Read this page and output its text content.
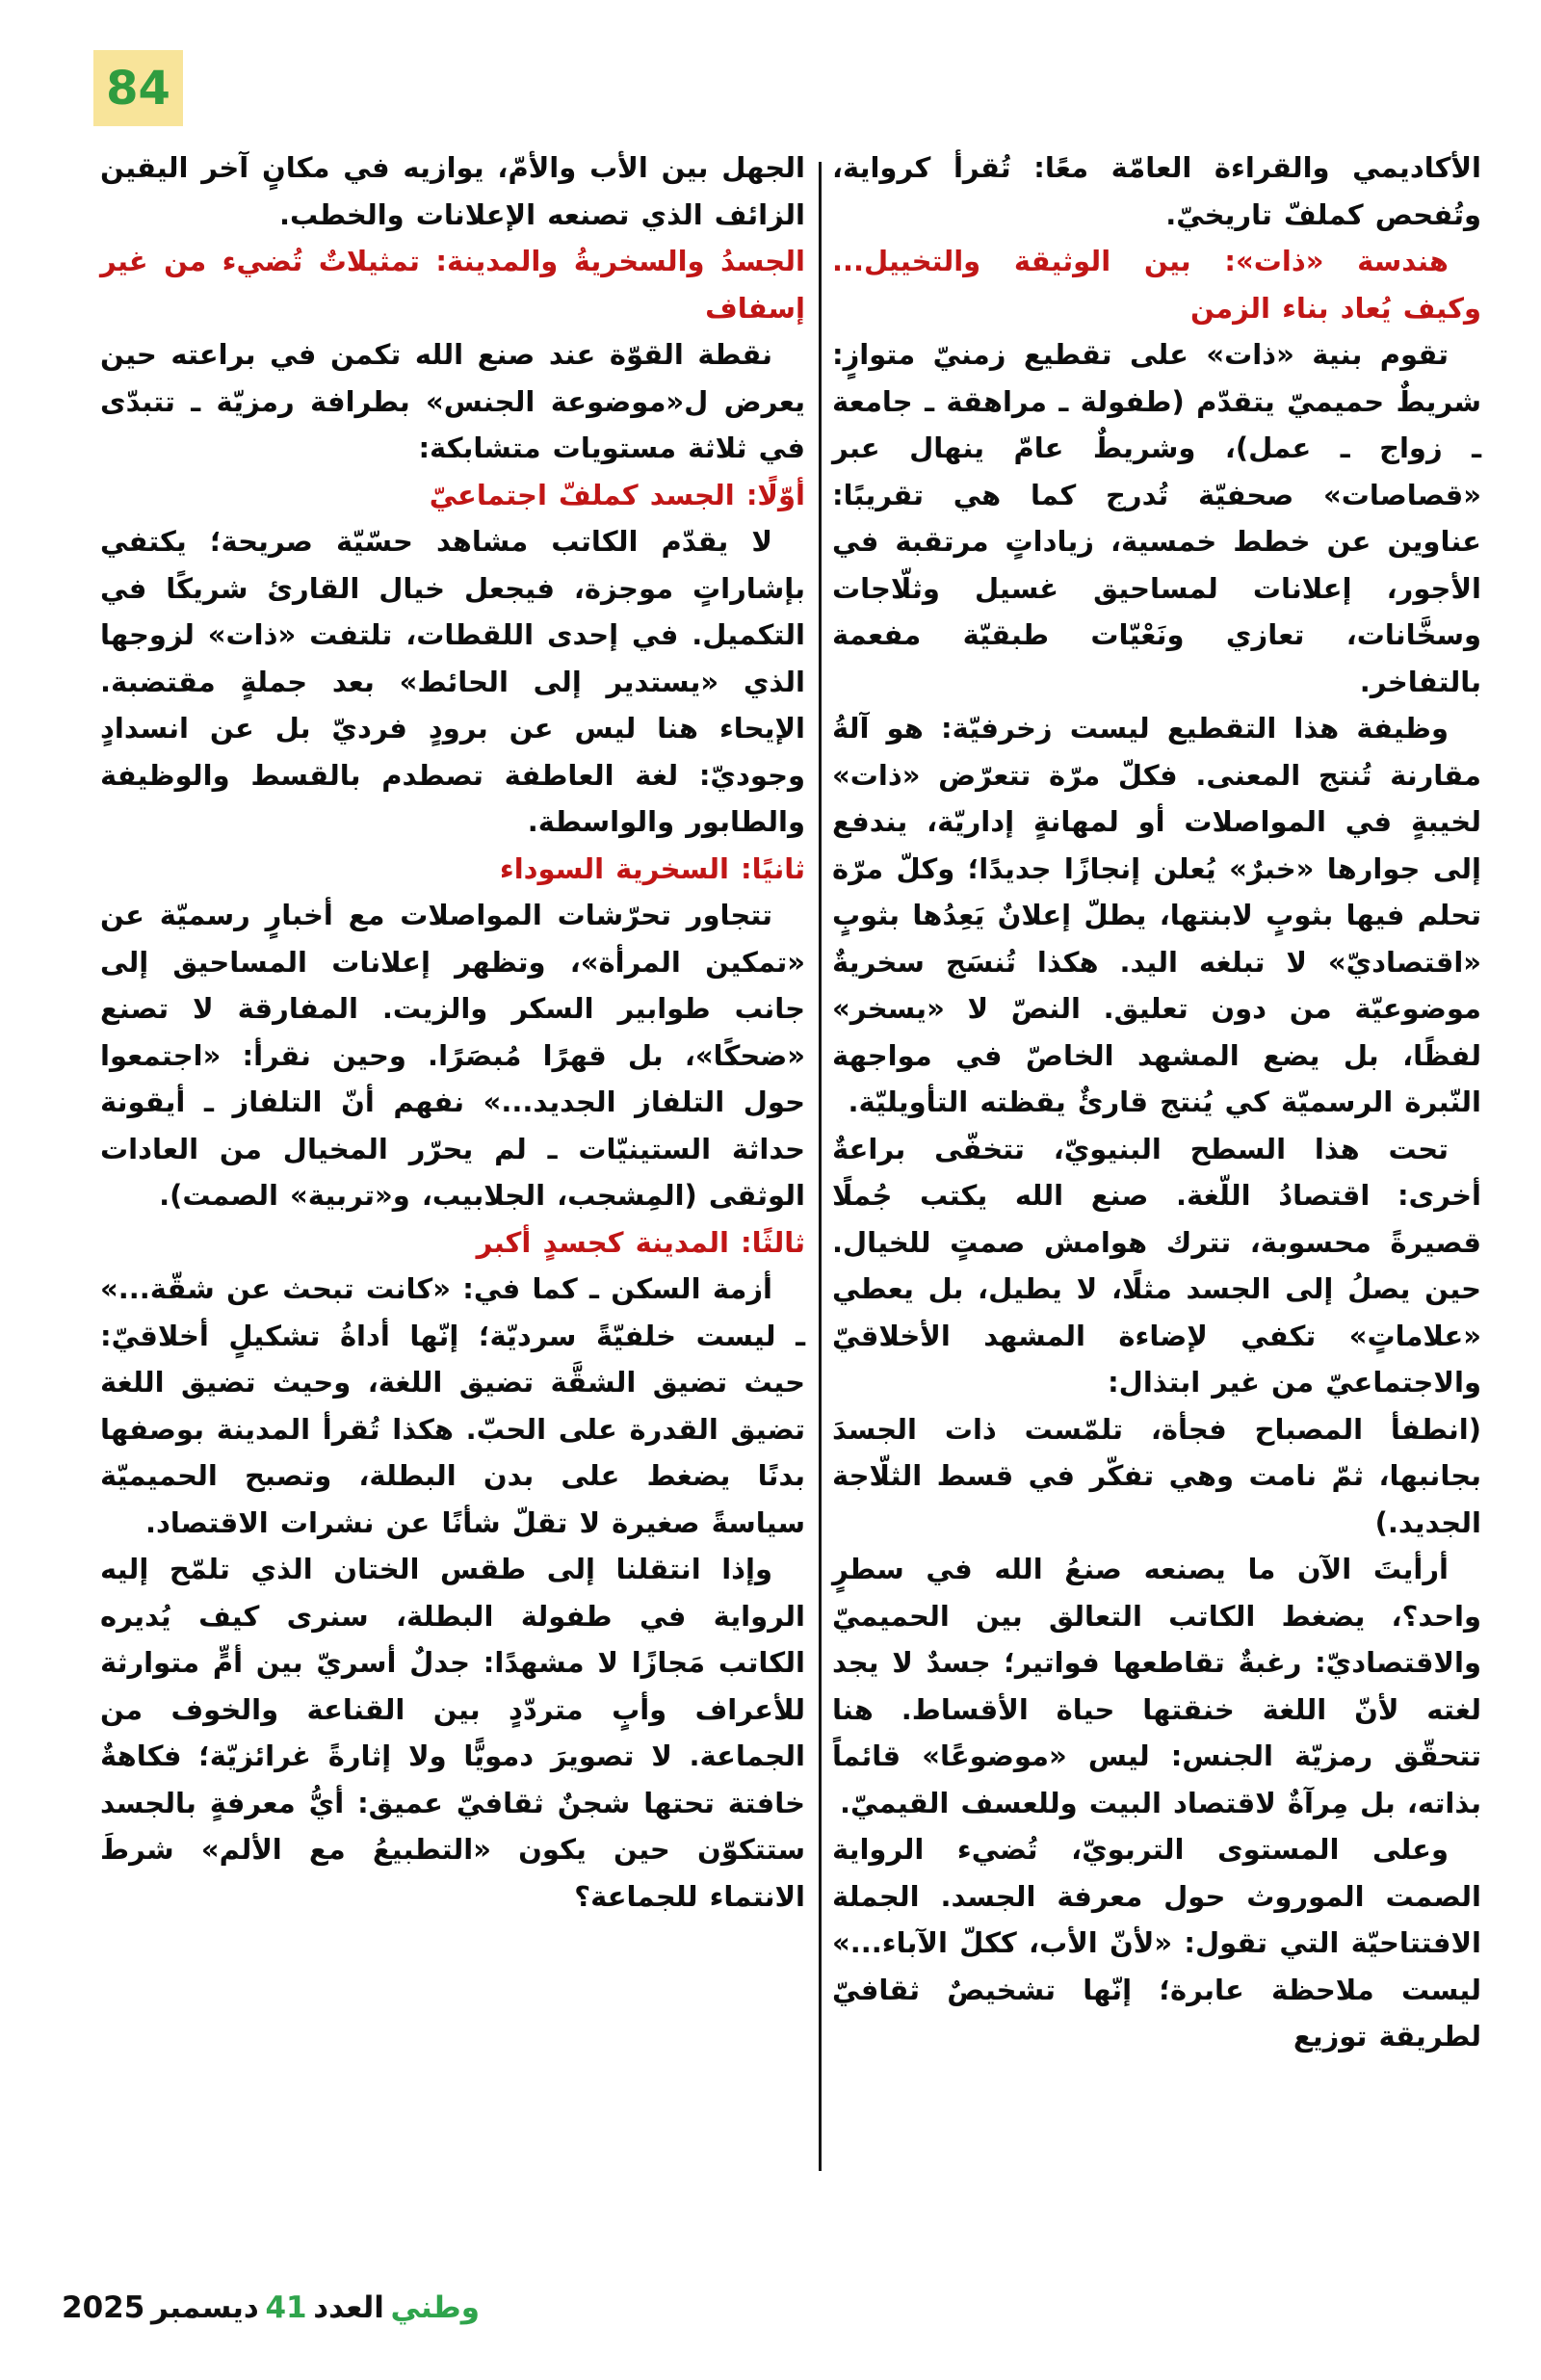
84

الأكاديمي والقراءة العامّة معًا: تُقرأ كرواية، وتُفحص كملفّ تاريخيّ.

هندسة «ذات»: بين الوثيقة والتخييل... وكيف يُعاد بناء الزمن

تقوم بنية «ذات» على تقطيع زمنيّ متوازٍ: شريطٌ حميميّ يتقدّم (طفولة ـ مراهقة ـ جامعة ـ زواج ـ عمل)، وشريطٌ عامّ ينهال عبر «قصاصات» صحفيّة تُدرج كما هي تقريبًا: عناوين عن خطط خمسية، زياداتٍ مرتقبة في الأجور، إعلانات لمساحيق غسيل وثلّاجات وسخَّانات، تعازي ونَعْيّات طبقيّة مفعمة بالتفاخر.

وظيفة هذا التقطيع ليست زخرفيّة: هو آلةُ مقارنة تُنتج المعنى. فكلّ مرّة تتعرّض «ذات» لخيبةٍ في المواصلات أو لمهانةٍ إداريّة، يندفع إلى جوارها «خبرٌ» يُعلن إنجازًا جديدًا؛ وكلّ مرّة تحلم فيها بثوبٍ لابنتها، يطلّ إعلانٌ يَعِدُها بثوبٍ «اقتصاديّ» لا تبلغه اليد. هكذا تُنسَج سخريةٌ موضوعيّة من دون تعليق. النصّ لا «يسخر» لفظًا، بل يضع المشهد الخاصّ في مواجهة النّبرة الرسميّة كي يُنتج قارئٌ يقظته التأويليّة.

تحت هذا السطح البنيويّ، تتخفّى براعةٌ أخرى: اقتصادُ اللّغة. صنع الله يكتب جُملًا قصيرةً محسوبة، تترك هوامش صمتٍ للخيال. حين يصلُ إلى الجسد مثلًا، لا يطيل، بل يعطي «علاماتٍ» تكفي لإضاءة المشهد الأخلاقيّ والاجتماعيّ من غير ابتذال:

(انطفأ المصباح فجأة، تلمّست ذات الجسدَ بجانبها، ثمّ نامت وهي تفكّر في قسط الثلّاجة الجديد.)

أرأيتَ الآن ما يصنعه صنعُ الله في سطرٍ واحد؟، يضغط الكاتب التعالق بين الحميميّ والاقتصاديّ: رغبةٌ تقاطعها فواتير؛ جسدٌ لا يجد لغته لأنّ اللغة خنقتها حياة الأقساط. هنا تتحقّق رمزيّة الجنس: ليس «موضوعًا» قائماً بذاته، بل مِرآةٌ لاقتصاد البيت وللعسف القيميّ.

وعلى المستوى التربويّ، تُضيء الرواية الصمت الموروث حول معرفة الجسد. الجملة الافتتاحيّة التي تقول: «لأنّ الأب، ككلّ الآباء...» ليست ملاحظة عابرة؛ إنّها تشخيصٌ ثقافيّ لطريقة توزيع

الجهل بين الأب والأمّ، يوازيه في مكانٍ آخر اليقين الزائف الذي تصنعه الإعلانات والخطب.

الجسدُ والسخريةُ والمدينة: تمثيلاتٌ تُضيء من غير إسفاف

نقطة القوّة عند صنع الله تكمن في براعته حين يعرض ل«موضوعة الجنس» بطرافة رمزيّة ـ تتبدّى في ثلاثة مستويات متشابكة:

أوّلًا: الجسد كملفّ اجتماعيّ

لا يقدّم الكاتب مشاهد حسّيّة صريحة؛ يكتفي بإشاراتٍ موجزة، فيجعل خيال القارئ شريكًا في التكميل. في إحدى اللقطات، تلتفت «ذات» لزوجها الذي «يستدير إلى الحائط» بعد جملةٍ مقتضبة. الإيحاء هنا ليس عن برودٍ فرديّ بل عن انسدادٍ وجوديّ: لغة العاطفة تصطدم بالقسط والوظيفة والطابور والواسطة.

ثانيًا: السخرية السوداء

تتجاور تحرّشات المواصلات مع أخبارٍ رسميّة عن «تمكين المرأة»، وتظهر إعلانات المساحيق إلى جانب طوابير السكر والزيت. المفارقة لا تصنع «ضحكًا»، بل قهرًا مُبصَرًا. وحين نقرأ: «اجتمعوا حول التلفاز الجديد...» نفهم أنّ التلفاز ـ أيقونة حداثة الستينيّات ـ لم يحرّر المخيال من العادات الوثقى (المِشجب، الجلابيب، و«تربية» الصمت).

ثالثًا: المدينة كجسدٍ أكبر

أزمة السكن ـ كما في: «كانت تبحث عن شقّة...» ـ ليست خلفيّةً سرديّة؛ إنّها أداةُ تشكيلٍ أخلاقيّ: حيث تضيق الشقَّة تضيق اللغة، وحيث تضيق اللغة تضيق القدرة على الحبّ. هكذا تُقرأ المدينة بوصفها بدنًا يضغط على بدن البطلة، وتصبح الحميميّة سياسةً صغيرة لا تقلّ شأنًا عن نشرات الاقتصاد.

وإذا انتقلنا إلى طقس الختان الذي تلمّح إليه الرواية في طفولة البطلة، سنرى كيف يُديره الكاتب مَجازًا لا مشهدًا: جدلٌ أسريّ بين أمٍّ متوارثة للأعراف وأبٍ متردّدٍ بين القناعة والخوف من الجماعة. لا تصويرَ دمويًّا ولا إثارةً غرائزيّة؛ فكاهةٌ خافتة تحتها شجنٌ ثقافيّ عميق: أيُّ معرفةٍ بالجسد ستتكوّن حين يكون «التطبيعُ مع الألم» شرطَ الانتماء للجماعة؟

وطني
العدد
41
ديسمبر
2025
